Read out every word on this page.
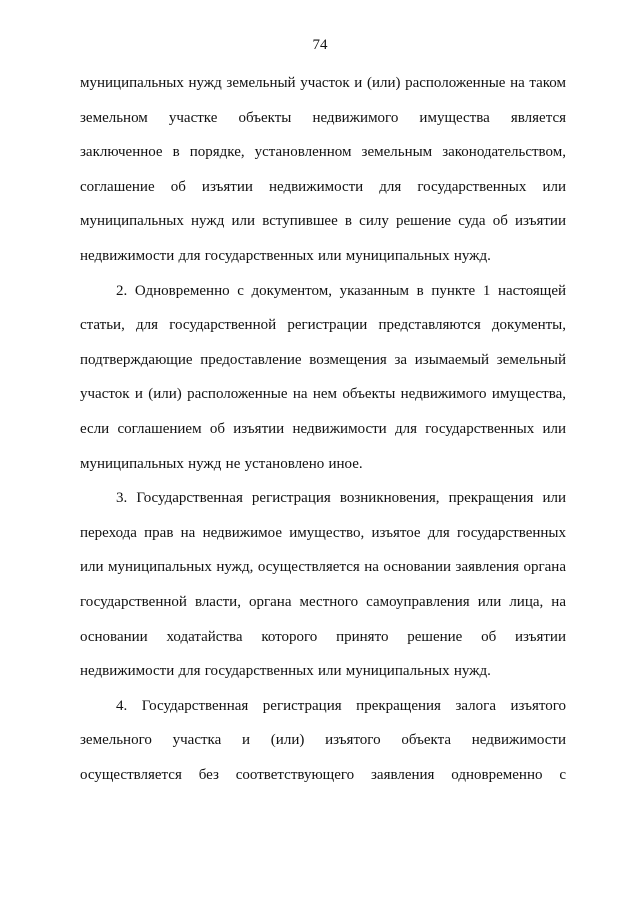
74

муниципальных нужд земельный участок и (или) расположенные на таком земельном участке объекты недвижимого имущества является заключенное в порядке, установленном земельным законодательством, соглашение об изъятии недвижимости для государственных или муниципальных нужд или вступившее в силу решение суда об изъятии недвижимости для государственных или муниципальных нужд.

2. Одновременно с документом, указанным в пункте 1 настоящей статьи, для государственной регистрации представляются документы, подтверждающие предоставление возмещения за изымаемый земельный участок и (или) расположенные на нем объекты недвижимого имущества, если соглашением об изъятии недвижимости для государственных или муниципальных нужд не установлено иное.

3. Государственная регистрация возникновения, прекращения или перехода прав на недвижимое имущество, изъятое для государственных или муниципальных нужд, осуществляется на основании заявления органа государственной власти, органа местного самоуправления или лица, на основании ходатайства которого принято решение об изъятии недвижимости для государственных или муниципальных нужд.

4. Государственная регистрация прекращения залога изъятого земельного участка и (или) изъятого объекта недвижимости осуществляется без соответствующего заявления одновременно с
